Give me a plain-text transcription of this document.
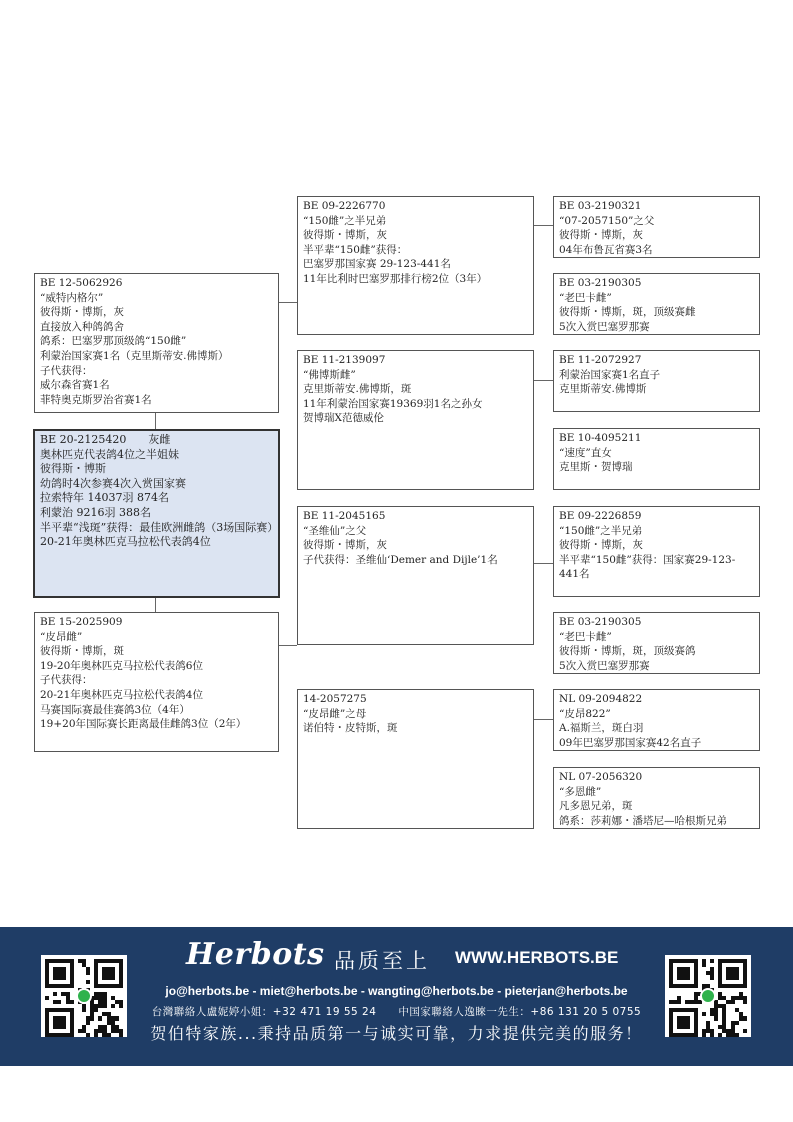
BE 12-5062926
“威特内格尔”
彼得斯・博斯，灰
直接放入种鸽鸽舍
鸽系：巴塞罗那顶级鸽“150雌”
利蒙治国家赛1名（克里斯蒂安.佛博斯）
子代获得：
威尔森省赛1名
菲特奥克斯罗治省赛1名
BE 20-2125420　　灰雌
奥林匹克代表鸽4位之半姐妹
彼得斯・博斯
幼鸽时4次参赛4次入赏国家赛
拉索特年 14037羽 874名
利蒙治 9216羽 388名
半平辈“浅斑”获得：最佳欧洲雌鸽（3场国际赛）
20-21年奥林匹克马拉松代表鸽4位
BE 15-2025909
“皮昂雌”
彼得斯・博斯，斑
19-20年奥林匹克马拉松代表鸽6位
子代获得：
20-21年奥林匹克马拉松代表鸽4位
马赛国际赛最佳赛鸽3位（4年）
19+20年国际赛长距离最佳雌鸽3位（2年）
BE 09-2226770
“150雌”之半兄弟
彼得斯・博斯，灰
半平辈“150雌”获得：
巴塞罗那国家赛 29-123-441名
11年比利时巴塞罗那排行榜2位（3年）
BE 11-2139097
“佛博斯雌”
克里斯蒂安.佛博斯，斑
11年利蒙治国家赛19369羽1名之孙女
贺博瑞X范德威伦
BE 11-2045165
“圣维仙”之父
彼得斯・博斯，灰
子代获得：圣维仙‘Demer and Dijle’1名
14-2057275
“皮昂雌”之母
诺伯特・皮特斯，斑
BE 03-2190321
“07-2057150”之父
彼得斯・博斯，灰
04年布鲁瓦省赛3名
BE 03-2190305
“老巴卡雌”
彼得斯・博斯，斑，顶级赛雌
5次入赏巴塞罗那赛
BE 11-2072927
利蒙治国家赛1名直子
克里斯蒂安.佛博斯
BE 10-4095211
“速度”直女
克里斯・贺博瑞
BE 09-2226859
“150雌”之半兄弟
彼得斯・博斯，灰
半平辈“150雌”获得：国家赛29-123-441名
BE 03-2190305
“老巴卡雌”
彼得斯・博斯，斑，顶级赛鸽
5次入赏巴塞罗那赛
NL 09-2094822
“皮昂822”
A.福斯兰，斑白羽
09年巴塞罗那国家赛42名直子
NL 07-2056320
“多恩雌”
凡多恩兄弟，斑
鸽系：莎莉娜・潘塔尼—哈根斯兄弟
Herbots 品质至上 WWW.HERBOTS.BE
jo@herbots.be - miet@herbots.be - wangting@herbots.be - pieterjan@herbots.be
台灣聯絡人盧妮婷小姐：+32 471 19 55 24　　中国家聯絡人逸睞一先生：+86 131 20 5 0755
贺伯特家族...秉持品质第一与诚实可靠，力求提供完美的服务！
